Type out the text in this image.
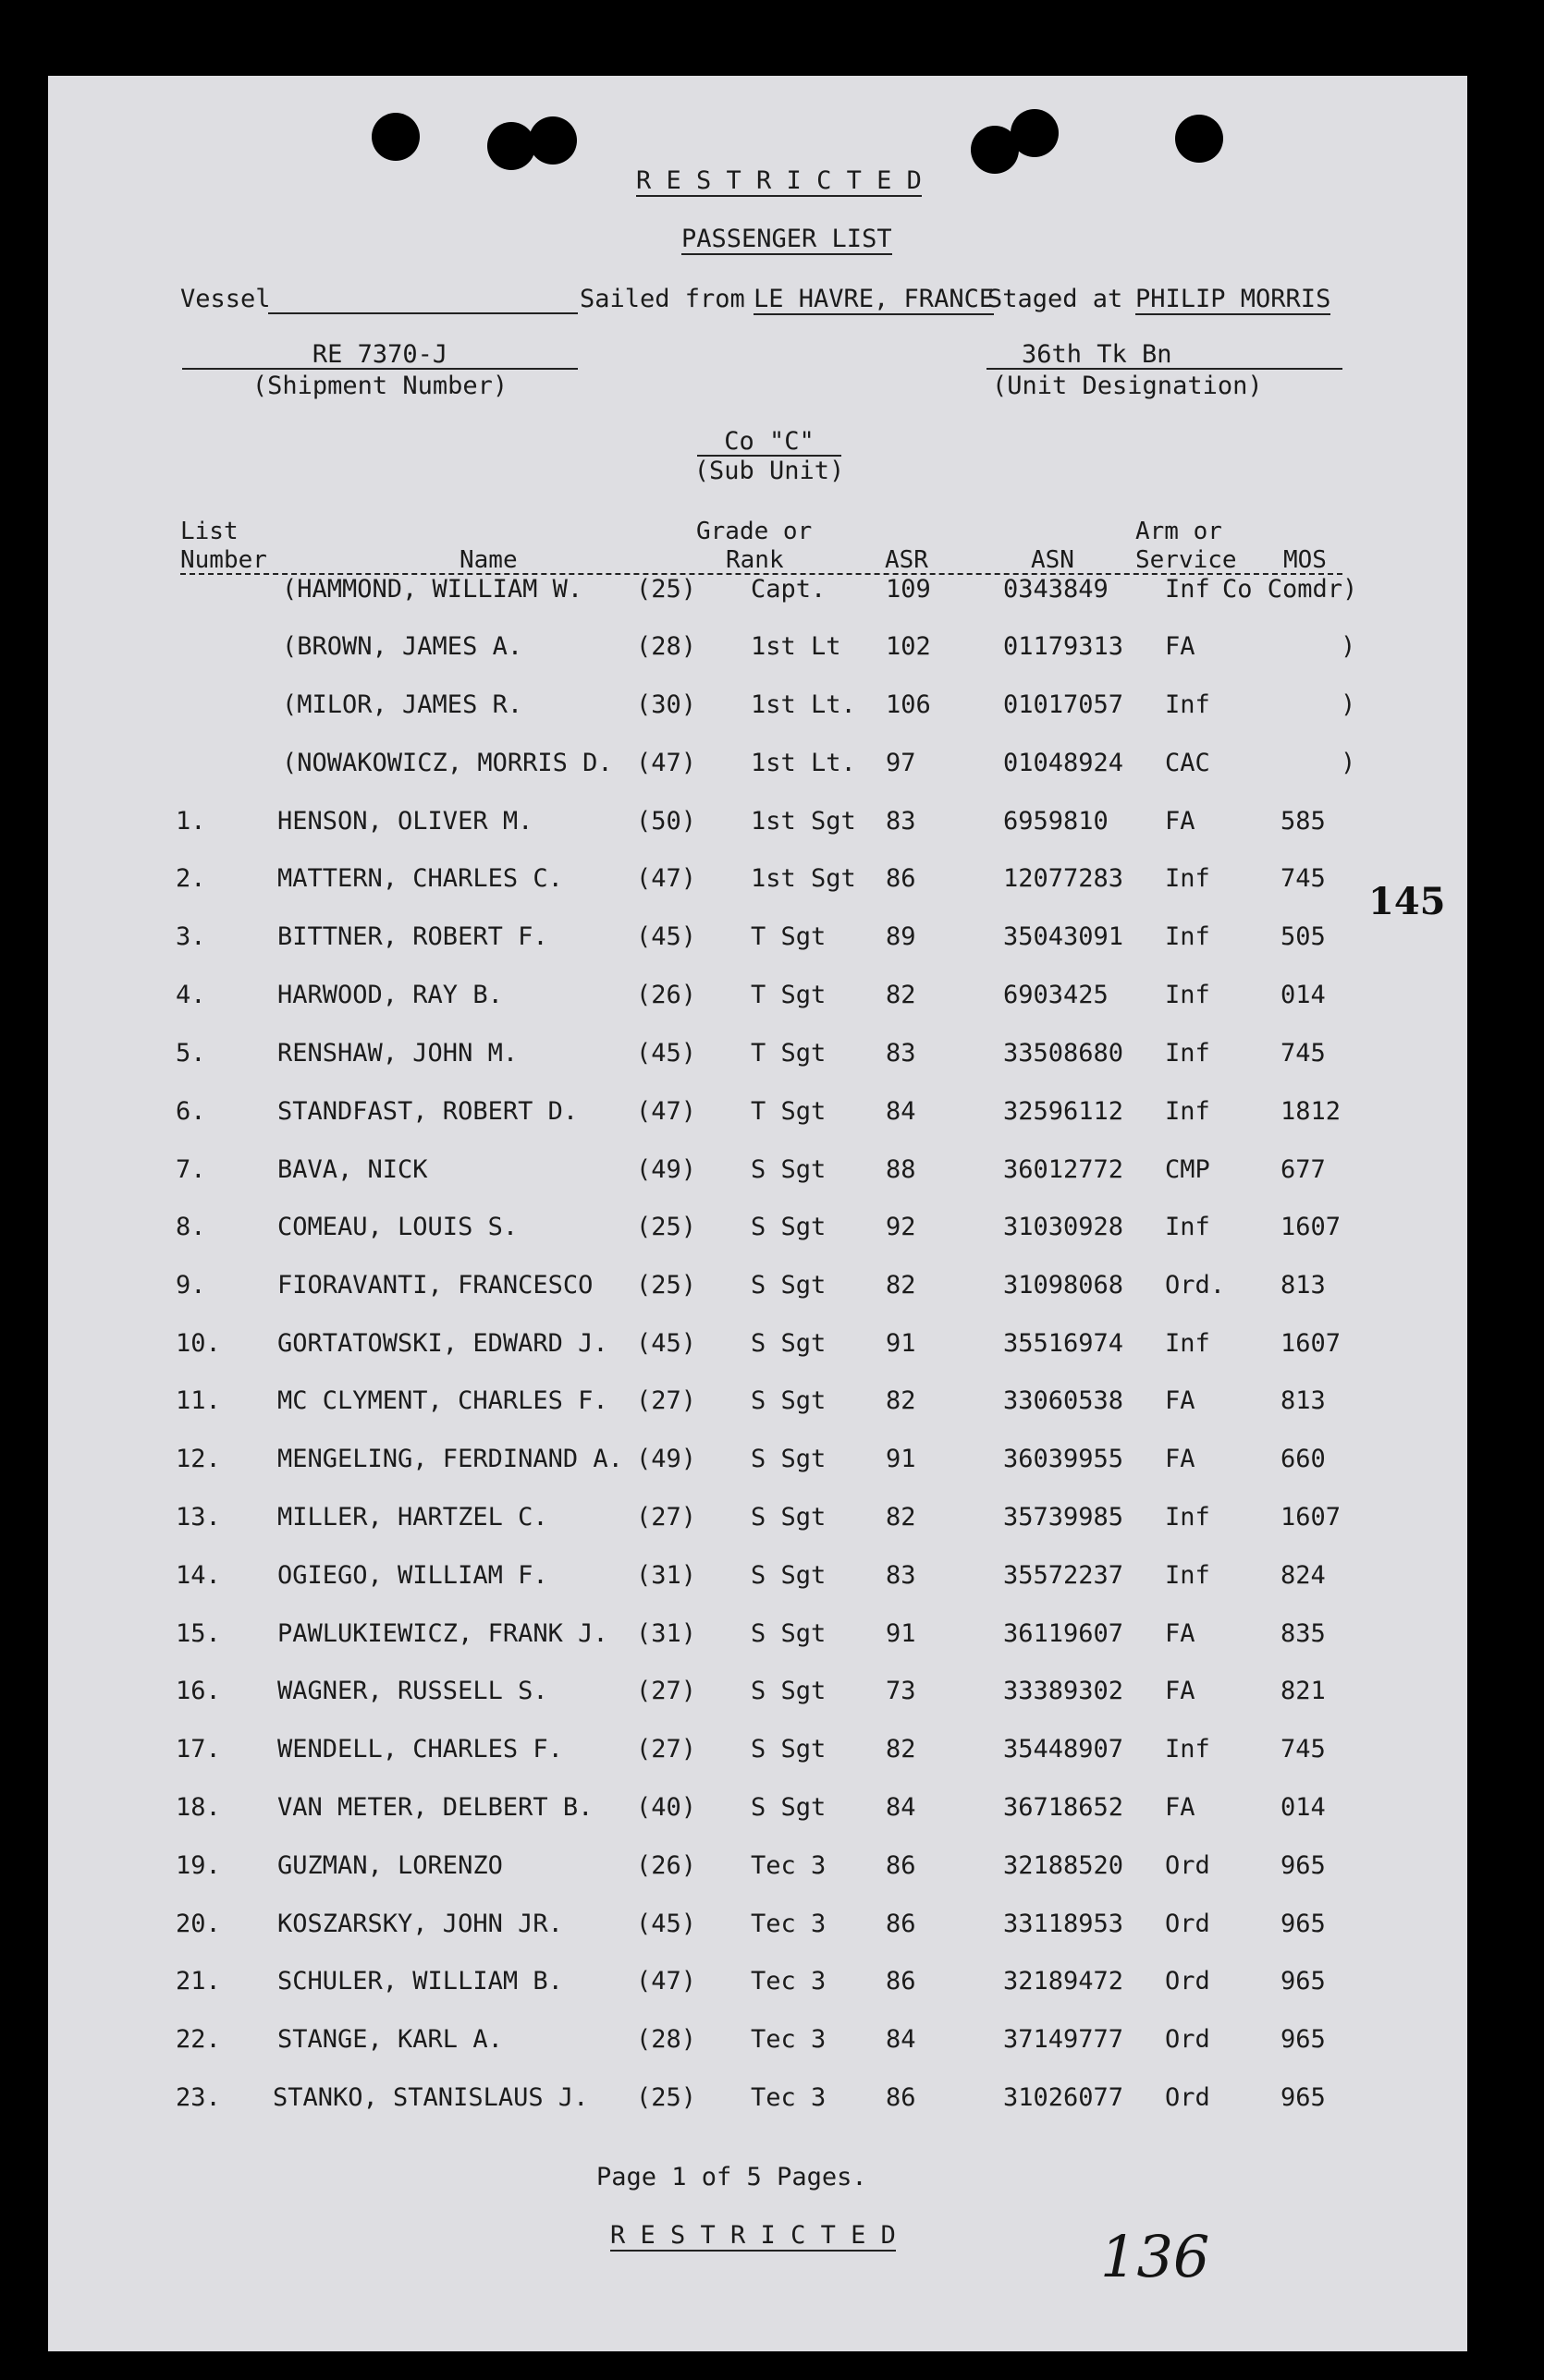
R E S T R I C T E D
PASSENGER LIST
Vessel	Sailed from LE HAVRE, FRANCE
Staged at PHILIP MORRIS
RE 7370-J
(Shipment Number)
36th Tk Bn
(Unit Designation)
Co "C"
(Sub Unit)
List
Number	Name
Grade or
Rank	ASR	ASN
Arm or
Service MOS
(HAMMOND, WILLIAM W. (25) Capt. 109	0343849 Inf Co Comdr)
(BROWN, JAMES A.	(28) 1st Lt 102	01179313 FA	)
(MILOR, JAMES R.	(30) 1st Lt. 106	01017057 Inf	)
(NOWAKOWICZ, MORRIS D. (47) 1st Lt. 97	01048924 CAC	)
1.	HENSON, OLIVER M.	(50) 1st Sgt 83	6959810 FA	585
2.	MATTERN, CHARLES C.	(47) 1st Sgt 86	12077283 Inf	745
3.	BITTNER, ROBERT F.	(45) T Sgt 89	35043091 Inf	505
4.	HARWOOD, RAY B.	(26) T Sgt 82	6903425 Inf	014
5.	RENSHAW, JOHN M.	(45) T Sgt 83	33508680 Inf	745
6.	STANDFAST, ROBERT D. (47) T Sgt 84	32596112 Inf	1812
7.	BAVA, NICK	(49) S Sgt 88	36012772 CMP	677
8.	COMEAU, LOUIS S.	(25) S Sgt 92	31030928 Inf	1607
9.	FIORAVANTI, FRANCESCO (25) S Sgt 82	31098068 Ord. 813
10. GORTATOWSKI, EDWARD J. (45) S Sgt 91	35516974 Inf	1607
11. MC CLYMENT, CHARLES F. (27) S Sgt 82	33060538 FA	813
12. MENGELING, FERDINAND A. (49) S Sgt 91	36039955 FA	660
13. MILLER, HARTZEL C.	(27) S Sgt 82	35739985 Inf	1607
14. OGIEGO, WILLIAM F.	(31) S Sgt 83	35572237 Inf	824
15. PAWLUKIEWICZ, FRANK J. (31) S Sgt 91	36119607 FA	835
16. WAGNER, RUSSELL S.	(27) S Sgt 73	33389302 FA	821
17. WENDELL, CHARLES F.	(27) S Sgt 82	35448907 Inf	745
18. VAN METER, DELBERT B. (40) S Sgt 84	36718652 FA	014
19. GUZMAN, LORENZO	(26) Tec 3 86	32188520 Ord	965
20. KOSZARSKY, JOHN JR.	(45) Tec 3 86	33118953 Ord	965
21. SCHULER, WILLIAM B.	(47) Tec 3 86	32189472 Ord	965
22. STANGE, KARL A.	(28) Tec 3 84	37149777 Ord	965
23. STANKO, STANISLAUS J. (25) Tec 3 86	31026077 Ord	965
145
Page 1 of 5 Pages.
R E S T R I C T E D	136
